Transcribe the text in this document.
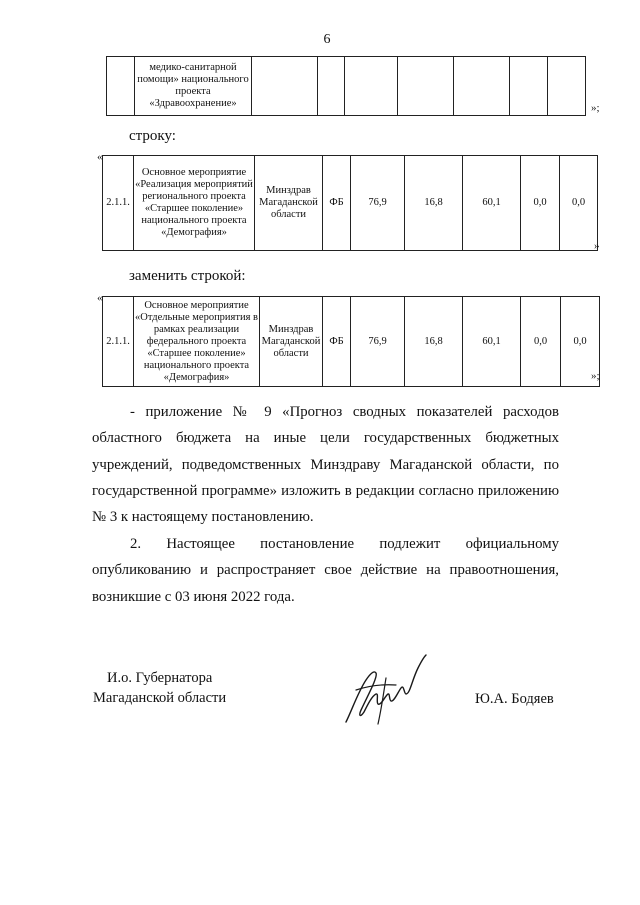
6
	медико-санитарной помощи» национального проекта «Здравоохранение»								»;
строку:
«
2.1.1.	Основное мероприятие «Реализация мероприятий регионального проекта «Старшее поколение» национального проекта «Демография»	Минздрав Магаданской области	ФБ	76,9	16,8	60,1	0,0	0,0
»
заменить строкой:
«
2.1.1.	Основное мероприятие «Отдельные мероприятия в рамках реализации федерального проекта «Старшее поколение» национального проекта «Демография»	Минздрав Магаданской области	ФБ	76,9	16,8	60,1	0,0	0,0
»;
- приложение № 9 «Прогноз сводных показателей расходов областного бюджета на иные цели государственных бюджетных учреждений, подведомственных Минздраву Магаданской области, по государственной программе» изложить в редакции согласно приложению № 3 к настоящему постановлению.
2. Настоящее постановление подлежит официальному опубликованию и распространяет свое действие на правоотношения, возникшие с 03 июня 2022 года.
И.о. Губернатора
Магаданской области	Ю.А. Бодяев
